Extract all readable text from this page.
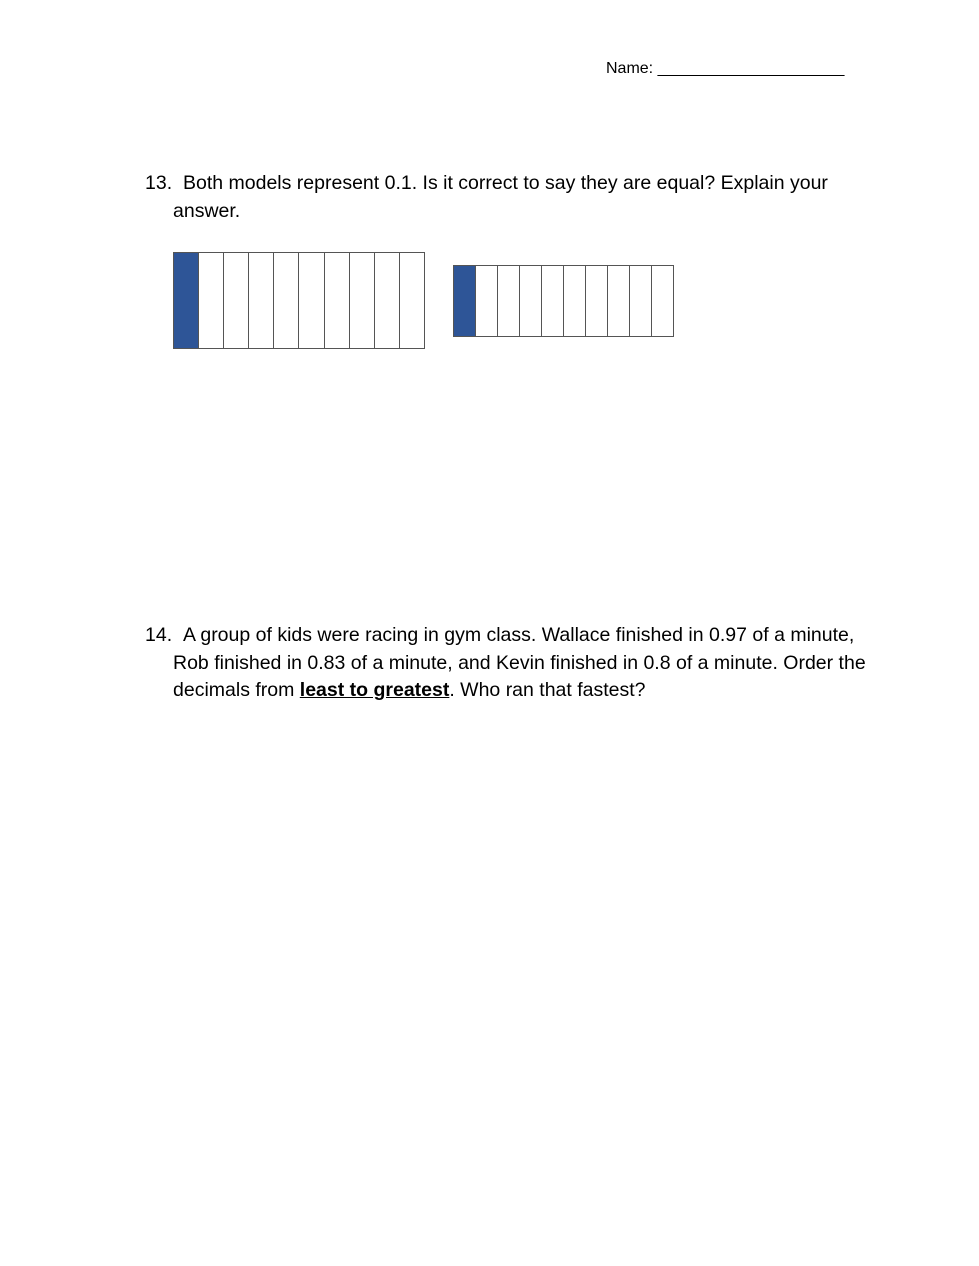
Name: _____________________
13. Both models represent 0.1. Is it correct to say they are equal? Explain your
answer.
14. A group of kids were racing in gym class. Wallace finished in 0.97 of a minute, Rob finished in 0.83 of a minute, and Kevin finished in 0.8 of a minute. Order the decimals from least to greatest. Who ran that fastest?
